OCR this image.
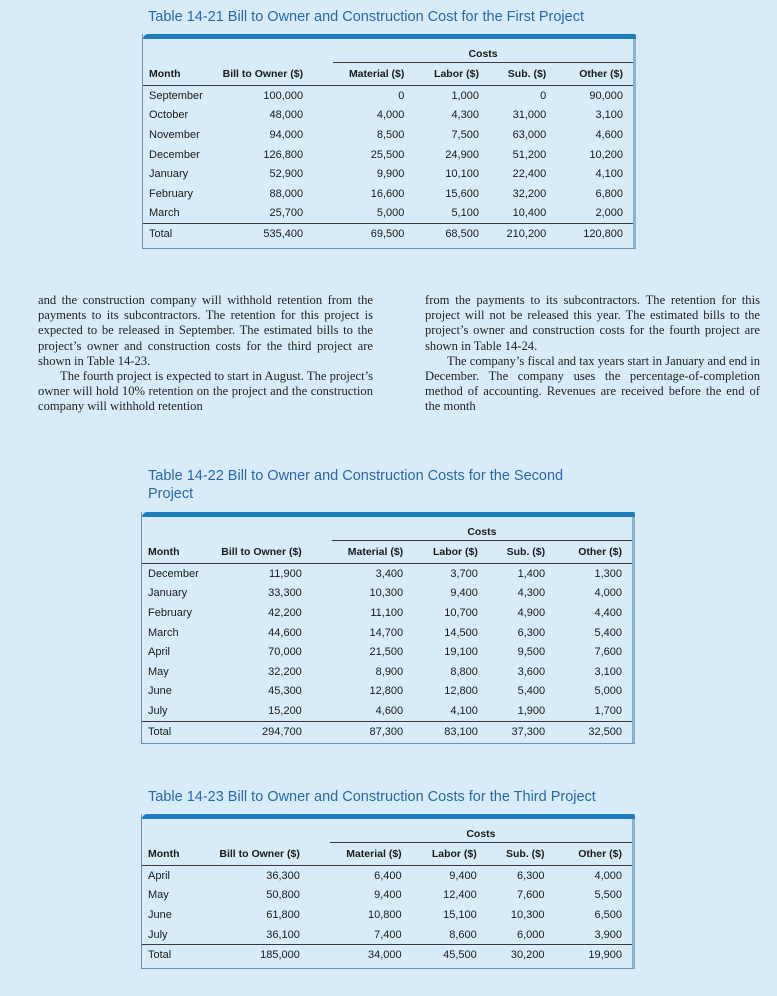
Table 14-21 Bill to Owner and Construction Cost for the First Project
		Costs			
Month	Bill to Owner ($)	Material ($)	Labor ($)	Sub. ($)	Other ($)
September	100,000	0	1,000	0	90,000
October	48,000	4,000	4,300	31,000	3,100
November	94,000	8,500	7,500	63,000	4,600
December	126,800	25,500	24,900	51,200	10,200
January	52,900	9,900	10,100	22,400	4,100
February	88,000	16,600	15,600	32,200	6,800
March	25,700	5,000	5,100	10,400	2,000
Total	535,400	69,500	68,500	210,200	120,800

and the construction company will withhold retention from the payments to its subcontractors. The retention for this project is expected to be released in September. The estimated bills to the project’s owner and construction costs for the third project are shown in Table 14-23.

The fourth project is expected to start in August. The project’s owner will hold 10% retention on the project and the construction company will withhold retention

from the payments to its subcontractors. The retention for this project will not be released this year. The estimated bills to the project’s owner and construction costs for the fourth project are shown in Table 14-24.

The company’s fiscal and tax years start in January and end in December. The company uses the percentage-of-completion method of accounting. Revenues are received before the end of the month

Table 14-22 Bill to Owner and Construction Costs for the Second
Project
		Costs			
Month	Bill to Owner ($)	Material ($)	Labor ($)	Sub. ($)	Other ($)
December	11,900	3,400	3,700	1,400	1,300
January	33,300	10,300	9,400	4,300	4,000
February	42,200	11,100	10,700	4,900	4,400
March	44,600	14,700	14,500	6,300	5,400
April	70,000	21,500	19,100	9,500	7,600
May	32,200	8,900	8,800	3,600	3,100
June	45,300	12,800	12,800	5,400	5,000
July	15,200	4,600	4,100	1,900	1,700
Total	294,700	87,300	83,100	37,300	32,500
Table 14-23 Bill to Owner and Construction Costs for the Third Project
		Costs			
Month	Bill to Owner ($)	Material ($)	Labor ($)	Sub. ($)	Other ($)
April	36,300	6,400	9,400	6,300	4,000
May	50,800	9,400	12,400	7,600	5,500
June	61,800	10,800	15,100	10,300	6,500
July	36,100	7,400	8,600	6,000	3,900
Total	185,000	34,000	45,500	30,200	19,900
